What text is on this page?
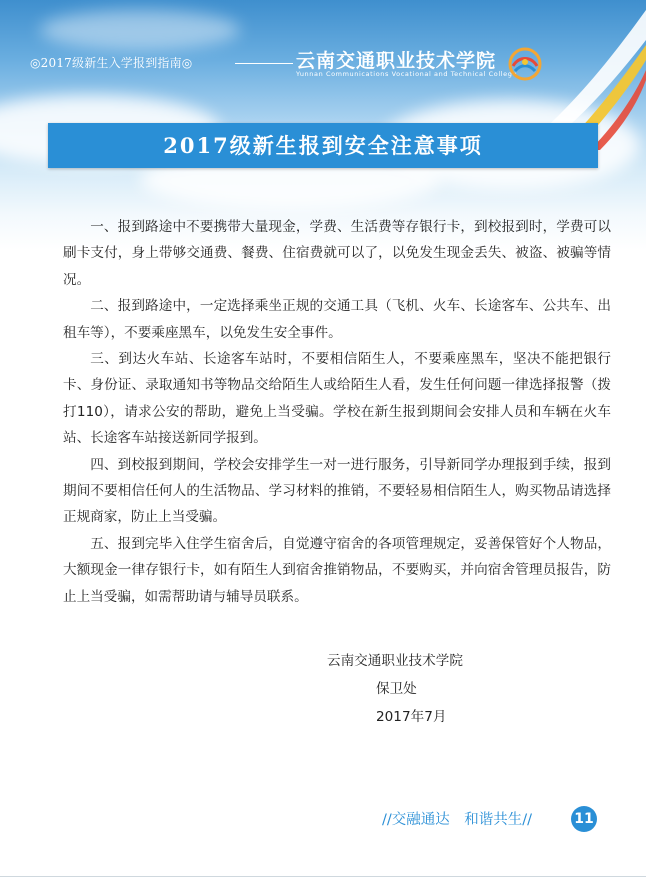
◎2017级新生入学报到指南◎	云南交通职业技术学院
Yunnan Communications Vocational and Technical College
2017级新生报到安全注意事项

一、报到路途中不要携带大量现金，学费、生活费等存银行卡，到校报到时，学费可以刷卡支付，身上带够交通费、餐费、住宿费就可以了，以免发生现金丢失、被盗、被骗等情况。

二、报到路途中，一定选择乘坐正规的交通工具（飞机、火车、长途客车、公共车、出租车等），不要乘座黑车，以免发生安全事件。

三、到达火车站、长途客车站时，不要相信陌生人，不要乘座黑车，坚决不能把银行卡、身份证、录取通知书等物品交给陌生人或给陌生人看，发生任何问题一律选择报警（拨打110），请求公安的帮助，避免上当受骗。学校在新生报到期间会安排人员和车辆在火车站、长途客车站接送新同学报到。

四、到校报到期间，学校会安排学生一对一进行服务，引导新同学办理报到手续，报到期间不要相信任何人的生活物品、学习材料的推销，不要轻易相信陌生人，购买物品请选择正规商家，防止上当受骗。

五、报到完毕入住学生宿舍后，自觉遵守宿舍的各项管理规定，妥善保管好个人物品，大额现金一律存银行卡，如有陌生人到宿舍推销物品，不要购买，并向宿舍管理员报告，防止上当受骗，如需帮助请与辅导员联系。

云南交通职业技术学院
保卫处
2017年7月
//交融通达　和谐共生//	11
